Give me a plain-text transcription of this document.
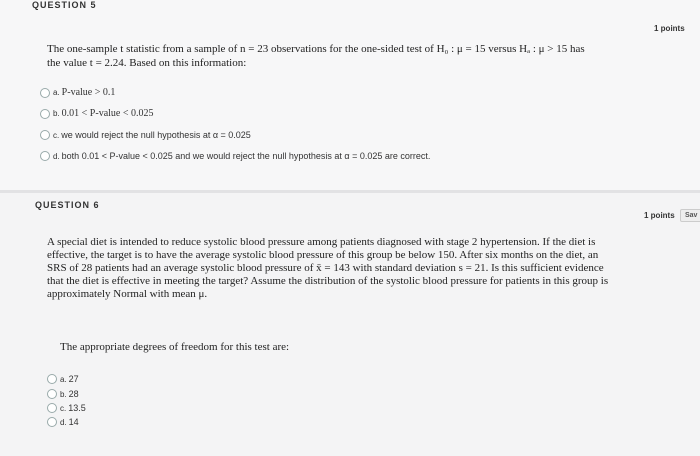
QUESTION 5
1 points
The one-sample t statistic from a sample of n = 23 observations for the one-sided test of H₀ : μ = 15 versus Hₐ : μ > 15 has
the value t = 2.24. Based on this information:
a. P-value > 0.1
b. 0.01 < P-value < 0.025
c. we would reject the null hypothesis at α = 0.025
d. both 0.01 < P-value < 0.025 and we would reject the null hypothesis at α = 0.025 are correct.
QUESTION 6
1 points	Sav
A special diet is intended to reduce systolic blood pressure among patients diagnosed with stage 2 hypertension. If the diet is
effective, the target is to have the average systolic blood pressure of this group be below 150. After six months on the diet, an
SRS of 28 patients had an average systolic blood pressure of x̄ = 143 with standard deviation s = 21. Is this sufficient evidence
that the diet is effective in meeting the target? Assume the distribution of the systolic blood pressure for patients in this group is
approximately Normal with mean μ.
The appropriate degrees of freedom for this test are:
a. 27
b. 28
c. 13.5
d. 14
